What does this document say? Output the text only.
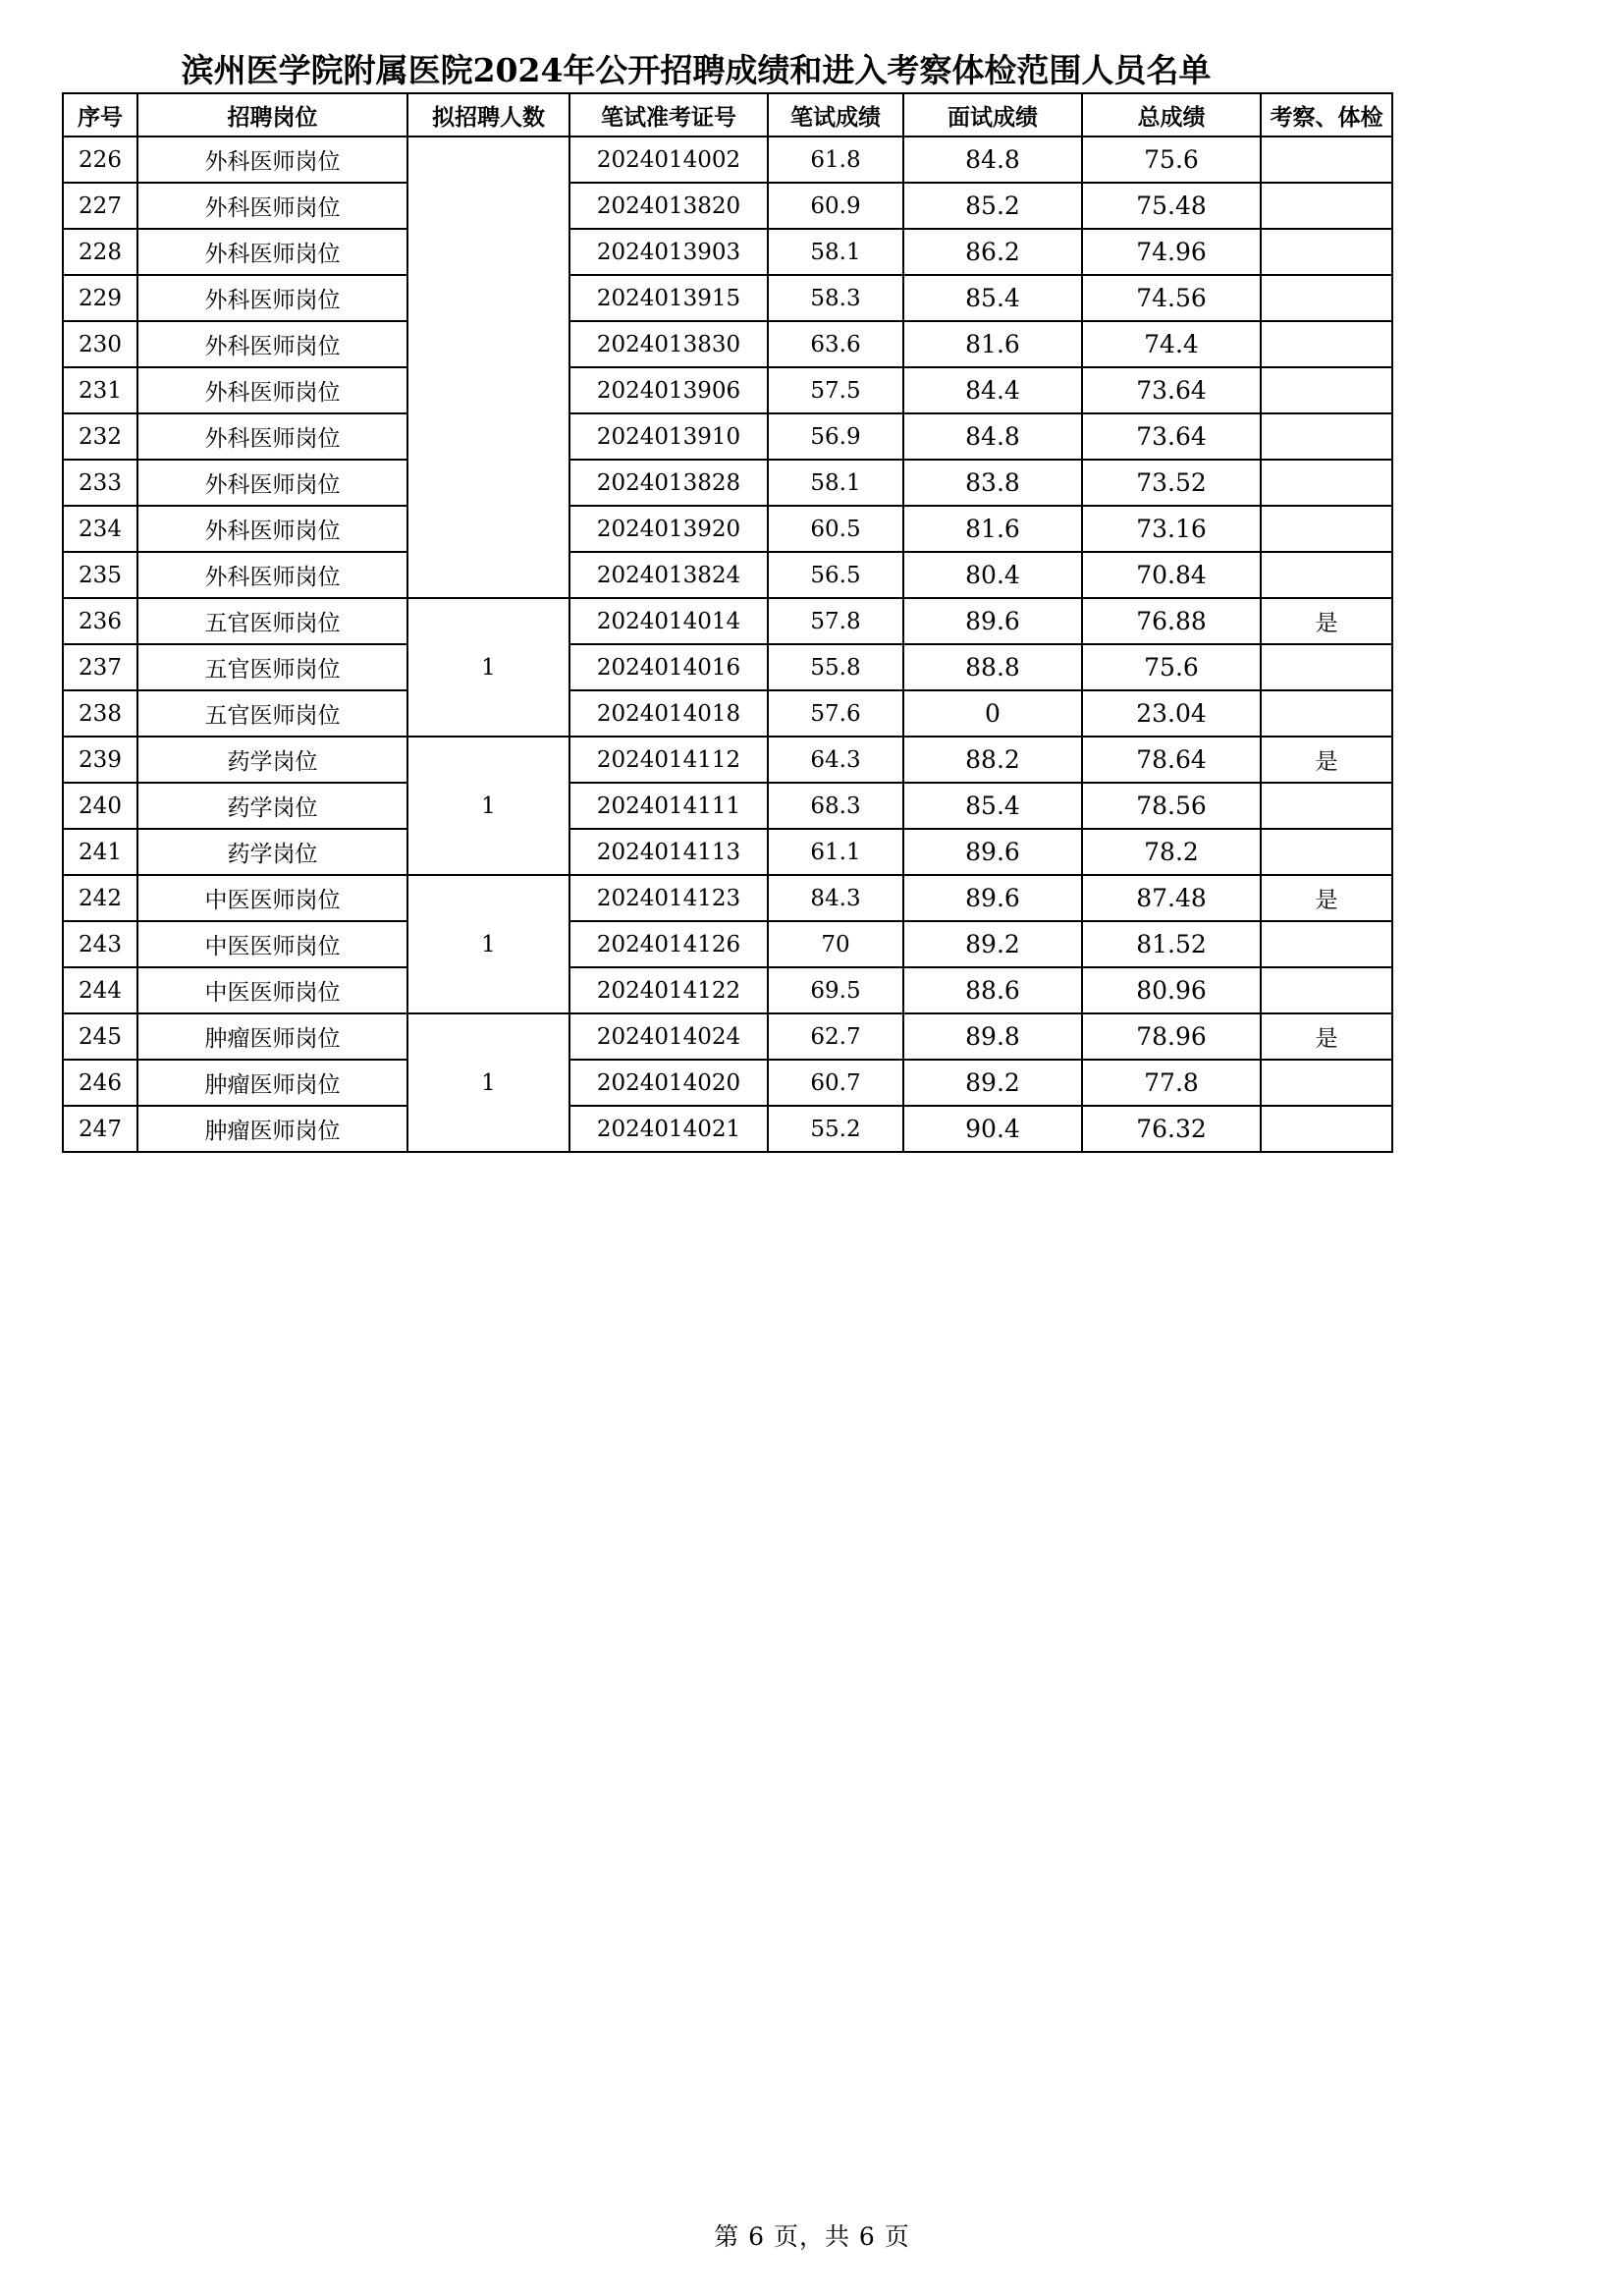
滨州医学院附属医院2024年公开招聘成绩和进入考察体检范围人员名单
序号	招聘岗位	拟招聘人数	笔试准考证号	笔试成绩	面试成绩	总成绩	考察、体检
226	外科医师岗位		2024014002	61.8	84.8	75.6	
227	外科医师岗位		2024013820	60.9	85.2	75.48	
228	外科医师岗位		2024013903	58.1	86.2	74.96	
229	外科医师岗位		2024013915	58.3	85.4	74.56	
230	外科医师岗位		2024013830	63.6	81.6	74.4	
231	外科医师岗位		2024013906	57.5	84.4	73.64	
232	外科医师岗位		2024013910	56.9	84.8	73.64	
233	外科医师岗位		2024013828	58.1	83.8	73.52	
234	外科医师岗位		2024013920	60.5	81.6	73.16	
235	外科医师岗位		2024013824	56.5	80.4	70.84	
236	五官医师岗位	1	2024014014	57.8	89.6	76.88	是
237	五官医师岗位		2024014016	55.8	88.8	75.6	
238	五官医师岗位		2024014018	57.6	0	23.04	
239	药学岗位	1	2024014112	64.3	88.2	78.64	是
240	药学岗位		2024014111	68.3	85.4	78.56	
241	药学岗位		2024014113	61.1	89.6	78.2	
242	中医医师岗位	1	2024014123	84.3	89.6	87.48	是
243	中医医师岗位		2024014126	70	89.2	81.52	
244	中医医师岗位		2024014122	69.5	88.6	80.96	
245	肿瘤医师岗位	1	2024014024	62.7	89.8	78.96	是
246	肿瘤医师岗位		2024014020	60.7	89.2	77.8	
247	肿瘤医师岗位		2024014021	55.2	90.4	76.32	
第 6 页，共 6 页
